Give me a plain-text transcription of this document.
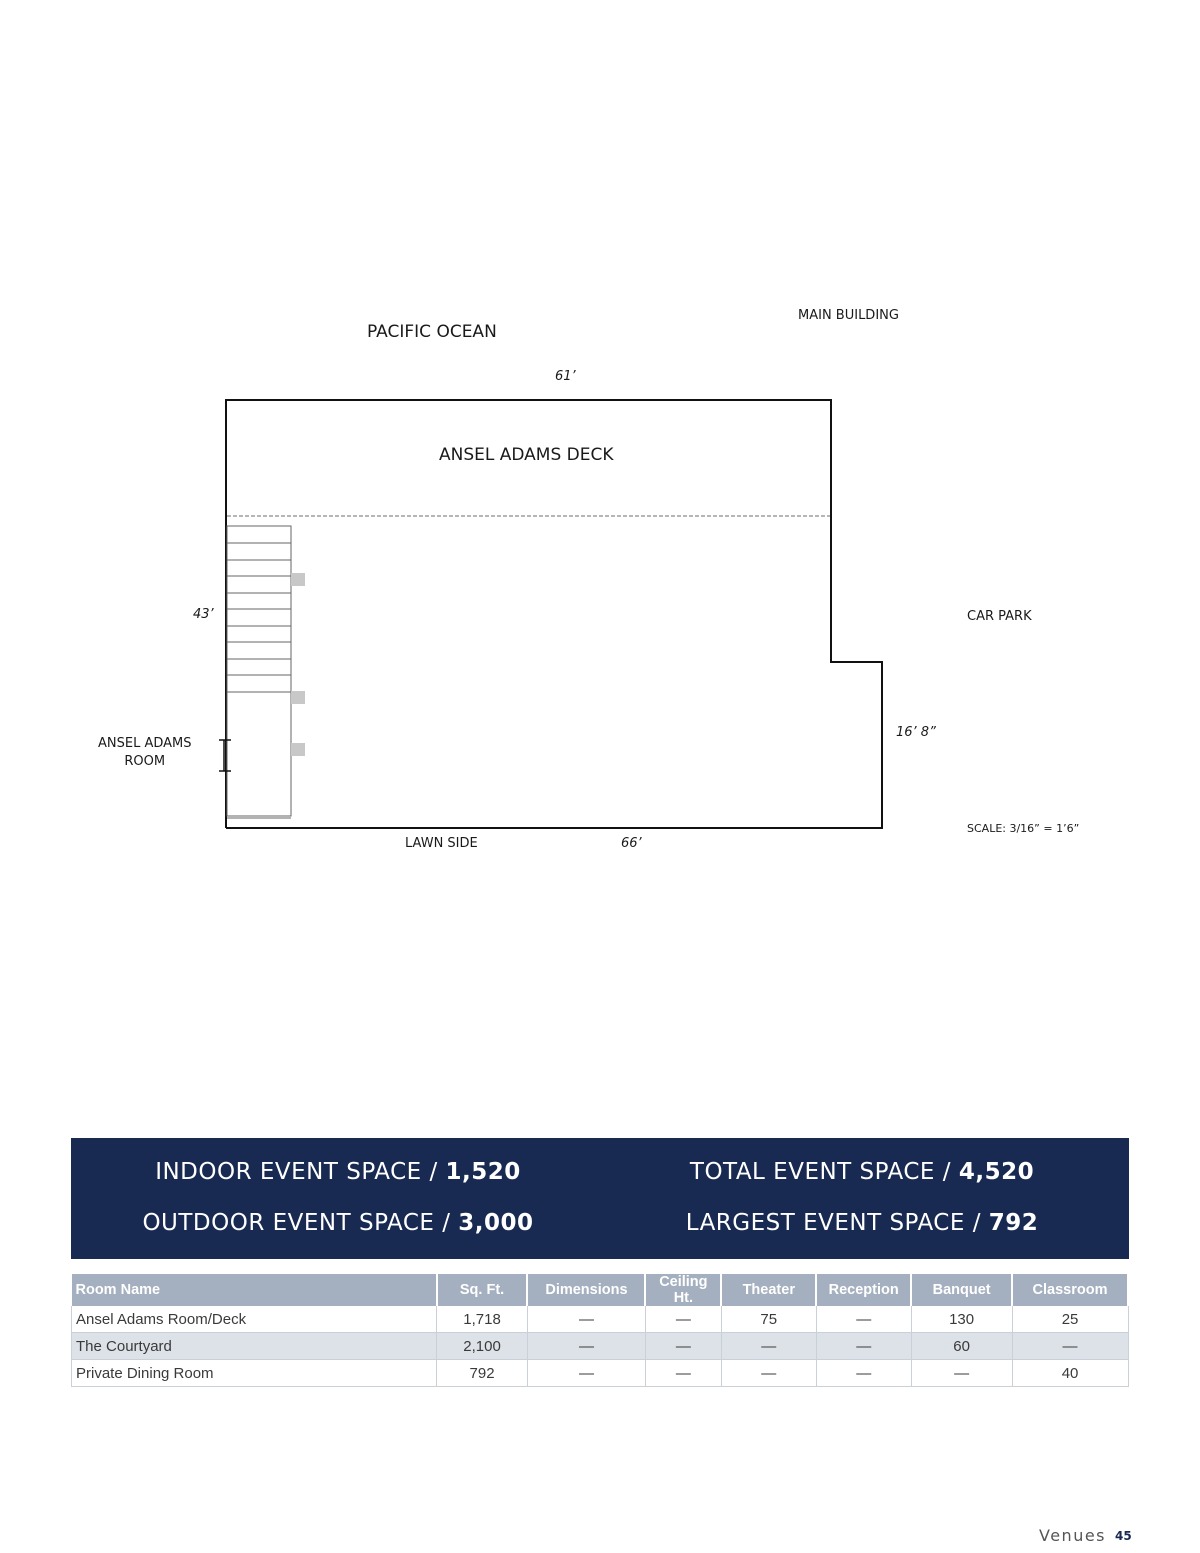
PACIFIC OCEAN
MAIN BUILDING
61’
ANSEL ADAMS DECK
43’	CAR PARK
16’ 8”
ANSEL ADAMS
ROOM
LAWN SIDE	66’
SCALE: 3/16” = 1’6”
INDOOR EVENT SPACE / 1,520	TOTAL EVENT SPACE / 4,520
OUTDOOR EVENT SPACE / 3,000	LARGEST EVENT SPACE / 792
Room Name	Sq. Ft.	Dimensions	Ceiling Ht.	Theater	Reception	Banquet	Classroom
Ansel Adams Room/Deck	1,718	—	—	75	—	130	25
The Courtyard	2,100	—	—	—	—	60	—
Private Dining Room	792	—	—	—	—	—	40
Venues 45
